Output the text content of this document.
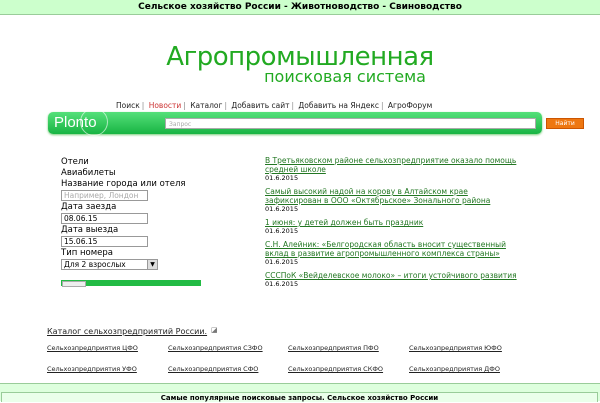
Сельское хозяйство России - Животноводство - Свиноводство
Агропромышленная
поисковая система
Поиск | Новости | Каталог | Добавить сайт | Добавить на Яндекс | АгроФорум
Plonto	Запрос	Найти
Отели
Авиабилеты
Название города или отеля
Например, Лондон
Дата заезда
08.06.15
Дата выезда
15.06.15
Тип номера
Для 2 взрослых	▼
В Третьяковском районе сельхозпредприятие оказало помощь средней школе
01.6.2015
Самый высокий надой на корову в Алтайском крае зафиксирован в ООО «Октябрьское» Зонального района
01.6.2015
1 июня: у детей должен быть праздник
01.6.2015
С.Н. Алейник: «Белгородская область вносит существенный вклад в развитие агропромышленного комплекса страны»
01.6.2015
СССПоК «Вейделевское молоко» – итоги устойчивого развития
01.6.2015
Каталог сельхозпредприятий России. ◪
Сельхозпредприятия ЦФО	Сельхозпредприятия СЗФО	Сельхозпредприятия ПФО	Сельхозпредприятия ЮФО
Сельхозпредприятия УФО	Сельхозпредприятия СФО	Сельхозпредприятия СКФО	Сельхозпредприятия ДФО
Самые популярные поисковые запросы. Сельское хозяйство России
